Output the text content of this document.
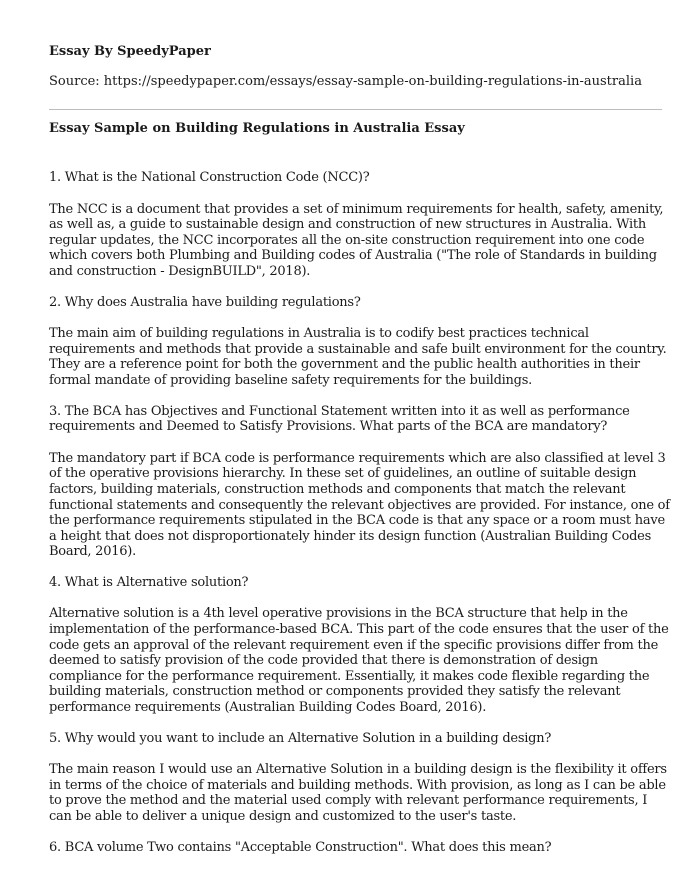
Essay By SpeedyPaper

Source: https://speedypaper.com/essays/essay-sample-on-building-regulations-in-australia

Essay Sample on Building Regulations in Australia Essay

1. What is the National Construction Code (NCC)?

The NCC is a document that provides a set of minimum requirements for health, safety, amenity, as well as, a guide to sustainable design and construction of new structures in Australia. With regular updates, the NCC incorporates all the on-site construction requirement into one code which covers both Plumbing and Building codes of Australia ("The role of Standards in building and construction - DesignBUILD", 2018).

2. Why does Australia have building regulations?

The main aim of building regulations in Australia is to codify best practices technical requirements and methods that provide a sustainable and safe built environment for the country. They are a reference point for both the government and the public health authorities in their formal mandate of providing baseline safety requirements for the buildings.

3. The BCA has Objectives and Functional Statement written into it as well as performance requirements and Deemed to Satisfy Provisions. What parts of the BCA are mandatory?

The mandatory part if BCA code is performance requirements which are also classified at level 3 of the operative provisions hierarchy. In these set of guidelines, an outline of suitable design factors, building materials, construction methods and components that match the relevant functional statements and consequently the relevant objectives are provided. For instance, one of the performance requirements stipulated in the BCA code is that any space or a room must have a height that does not disproportionately hinder its design function (Australian Building Codes Board, 2016).

4. What is Alternative solution?

Alternative solution is a 4th level operative provisions in the BCA structure that help in the implementation of the performance-based BCA. This part of the code ensures that the user of the code gets an approval of the relevant requirement even if the specific provisions differ from the deemed to satisfy provision of the code provided that there is demonstration of design compliance for the performance requirement. Essentially, it makes code flexible regarding the building materials, construction method or components provided they satisfy the relevant performance requirements (Australian Building Codes Board, 2016).

5. Why would you want to include an Alternative Solution in a building design?

The main reason I would use an Alternative Solution in a building design is the flexibility it offers in terms of the choice of materials and building methods. With provision, as long as I can be able to prove the method and the material used comply with relevant performance requirements, I can be able to deliver a unique design and customized to the user's taste.

6. BCA volume Two contains "Acceptable Construction". What does this mean?
